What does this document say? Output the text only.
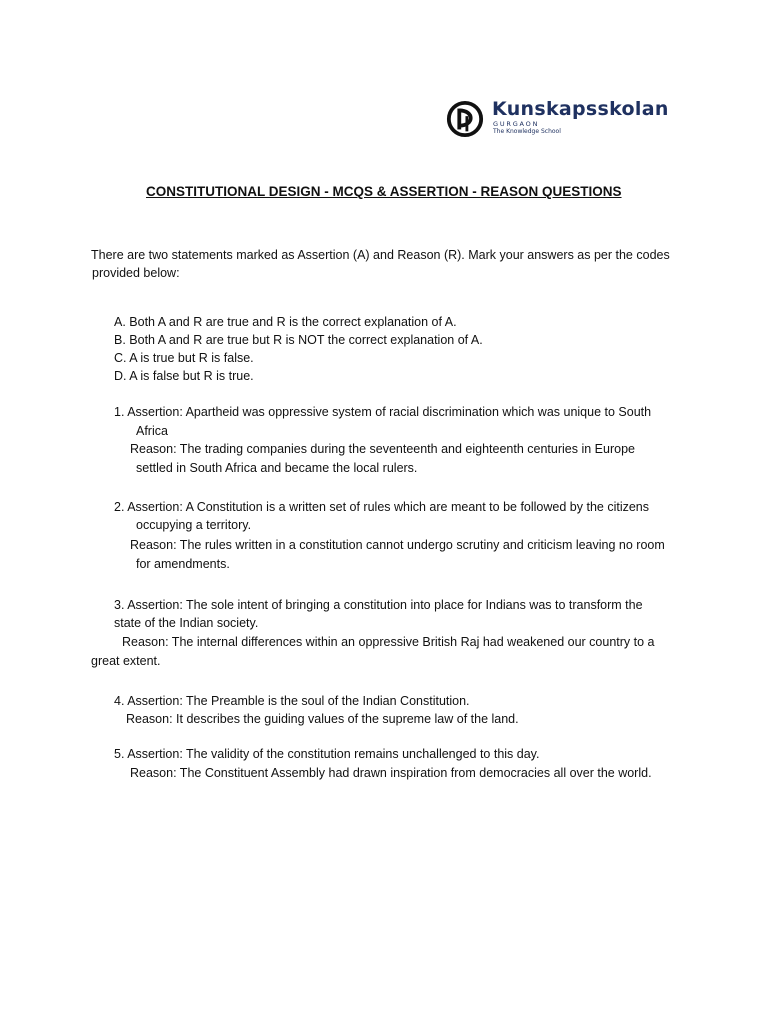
Kunskapsskolan
GURGAON
The Knowledge School
CONSTITUTIONAL DESIGN - MCQS & ASSERTION - REASON QUESTIONS
There are two statements marked as Assertion (A) and Reason (R). Mark your answers as per the codes
provided below:
A. Both A and R are true and R is the correct explanation of A.
B. Both A and R are true but R is NOT the correct explanation of A.
C. A is true but R is false.
D. A is false but R is true.
1. Assertion: Apartheid was oppressive system of racial discrimination which was unique to South
Africa
Reason: The trading companies during the seventeenth and eighteenth centuries in Europe
settled in South Africa and became the local rulers.
2. Assertion: A Constitution is a written set of rules which are meant to be followed by the citizens
occupying a territory.
Reason: The rules written in a constitution cannot undergo scrutiny and criticism leaving no room
for amendments.
3. Assertion: The sole intent of bringing a constitution into place for Indians was to transform the
state of the Indian society.
Reason: The internal differences within an oppressive British Raj had weakened our country to a
great extent.
4. Assertion: The Preamble is the soul of the Indian Constitution.
Reason: It describes the guiding values of the supreme law of the land.
5. Assertion: The validity of the constitution remains unchallenged to this day.
Reason: The Constituent Assembly had drawn inspiration from democracies all over the world.
